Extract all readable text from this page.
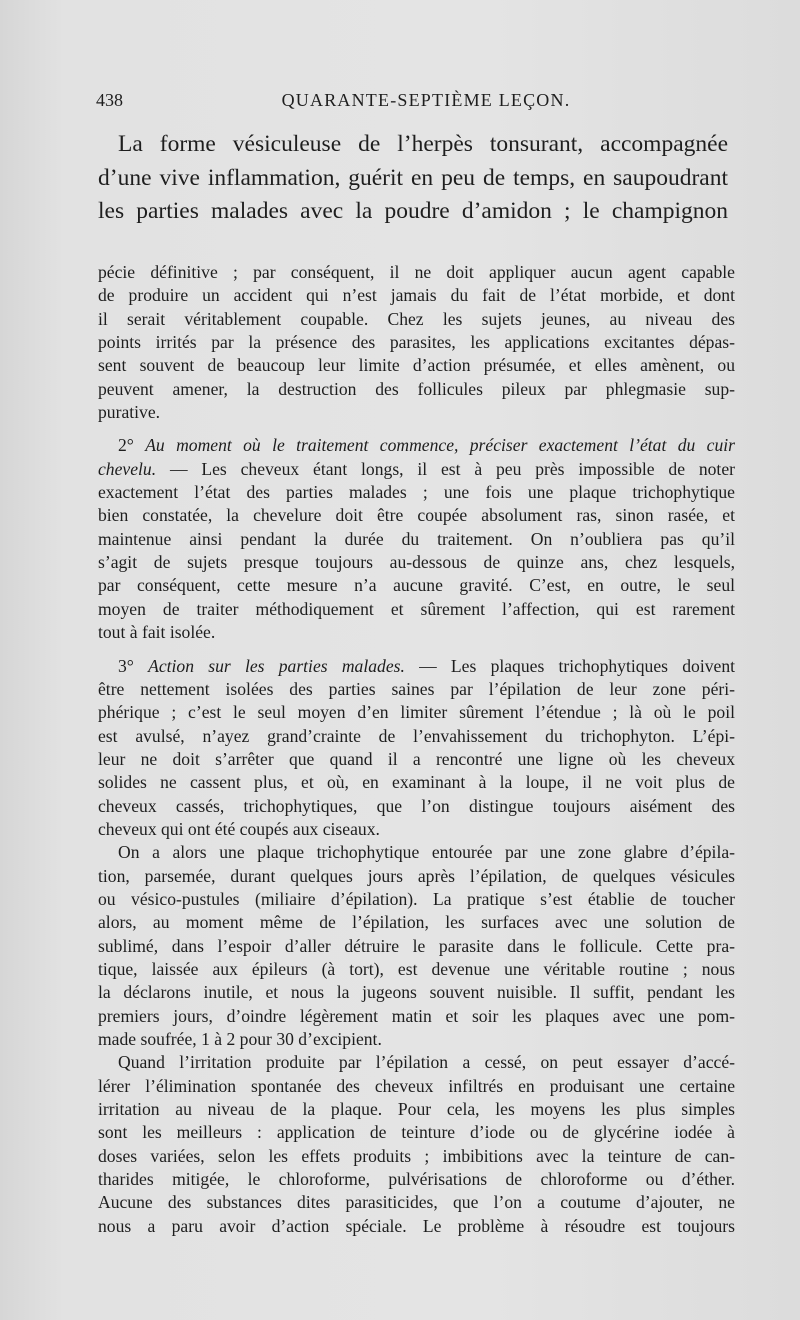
438	QUARANTE-SEPTIÈME LEÇON.
La forme vésiculeuse de l’herpès tonsurant, accompagnée
d’une vive inflammation, guérit en peu de temps, en saupoudrant
les parties malades avec la poudre d’amidon ; le champignon
pécie définitive ; par conséquent, il ne doit appliquer aucun agent capable
de produire un accident qui n’est jamais du fait de l’état morbide, et dont
il serait véritablement coupable. Chez les sujets jeunes, au niveau des
points irrités par la présence des parasites, les applications excitantes dépas-
sent souvent de beaucoup leur limite d’action présumée, et elles amènent, ou
peuvent amener, la destruction des follicules pileux par phlegmasie sup-
purative.
2° Au moment où le traitement commence, préciser exactement l’état du cuir
chevelu. — Les cheveux étant longs, il est à peu près impossible de noter
exactement l’état des parties malades ; une fois une plaque trichophytique
bien constatée, la chevelure doit être coupée absolument ras, sinon rasée, et
maintenue ainsi pendant la durée du traitement. On n’oubliera pas qu’il
s’agit de sujets presque toujours au-dessous de quinze ans, chez lesquels,
par conséquent, cette mesure n’a aucune gravité. C’est, en outre, le seul
moyen de traiter méthodiquement et sûrement l’affection, qui est rarement
tout à fait isolée.
3° Action sur les parties malades. — Les plaques trichophytiques doivent
être nettement isolées des parties saines par l’épilation de leur zone péri-
phérique ; c’est le seul moyen d’en limiter sûrement l’étendue ; là où le poil
est avulsé, n’ayez grand’crainte de l’envahissement du trichophyton. L’épi-
leur ne doit s’arrêter que quand il a rencontré une ligne où les cheveux
solides ne cassent plus, et où, en examinant à la loupe, il ne voit plus de
cheveux cassés, trichophytiques, que l’on distingue toujours aisément des
cheveux qui ont été coupés aux ciseaux.
On a alors une plaque trichophytique entourée par une zone glabre d’épila-
tion, parsemée, durant quelques jours après l’épilation, de quelques vésicules
ou vésico-pustules (miliaire d’épilation). La pratique s’est établie de toucher
alors, au moment même de l’épilation, les surfaces avec une solution de
sublimé, dans l’espoir d’aller détruire le parasite dans le follicule. Cette pra-
tique, laissée aux épileurs (à tort), est devenue une véritable routine ; nous
la déclarons inutile, et nous la jugeons souvent nuisible. Il suffit, pendant les
premiers jours, d’oindre légèrement matin et soir les plaques avec une pom-
made soufrée, 1 à 2 pour 30 d’excipient.
Quand l’irritation produite par l’épilation a cessé, on peut essayer d’accé-
lérer l’élimination spontanée des cheveux infiltrés en produisant une certaine
irritation au niveau de la plaque. Pour cela, les moyens les plus simples
sont les meilleurs : application de teinture d’iode ou de glycérine iodée à
doses variées, selon les effets produits ; imbibitions avec la teinture de can-
tharides mitigée, le chloroforme, pulvérisations de chloroforme ou d’éther.
Aucune des substances dites parasiticides, que l’on a coutume d’ajouter, ne
nous a paru avoir d’action spéciale. Le problème à résoudre est toujours
